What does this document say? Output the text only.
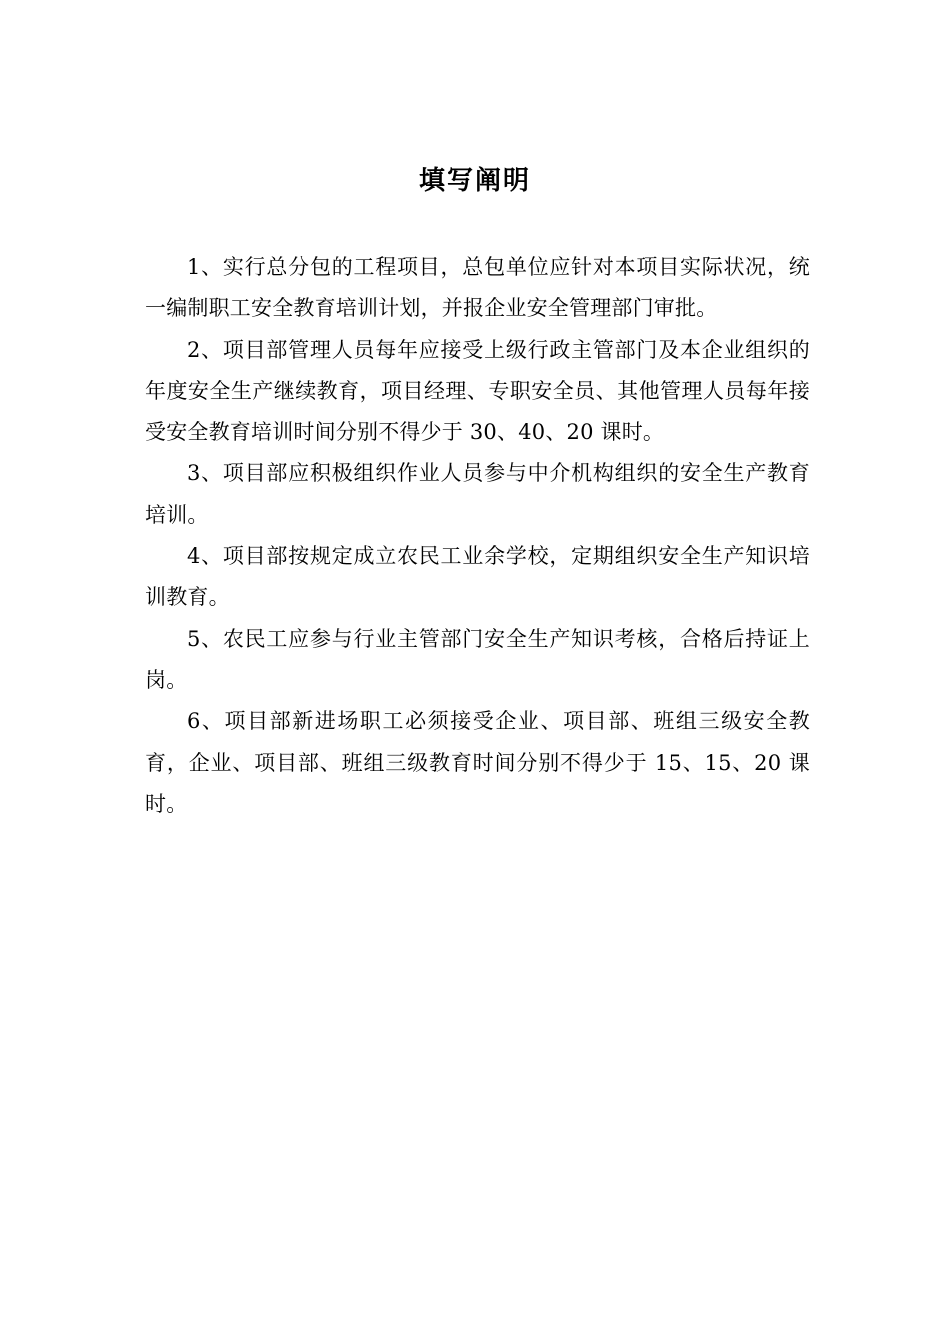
填写阐明

1、实行总分包的工程项目，总包单位应针对本项目实际状况，统一编制职工安全教育培训计划，并报企业安全管理部门审批。

2、项目部管理人员每年应接受上级行政主管部门及本企业组织的年度安全生产继续教育，项目经理、专职安全员、其他管理人员每年接受安全教育培训时间分别不得少于 30、40、20 课时。

3、项目部应积极组织作业人员参与中介机构组织的安全生产教育培训。

4、项目部按规定成立农民工业余学校，定期组织安全生产知识培训教育。

5、农民工应参与行业主管部门安全生产知识考核，合格后持证上岗。

6、项目部新进场职工必须接受企业、项目部、班组三级安全教育，企业、项目部、班组三级教育时间分别不得少于 15、15、20 课时。
